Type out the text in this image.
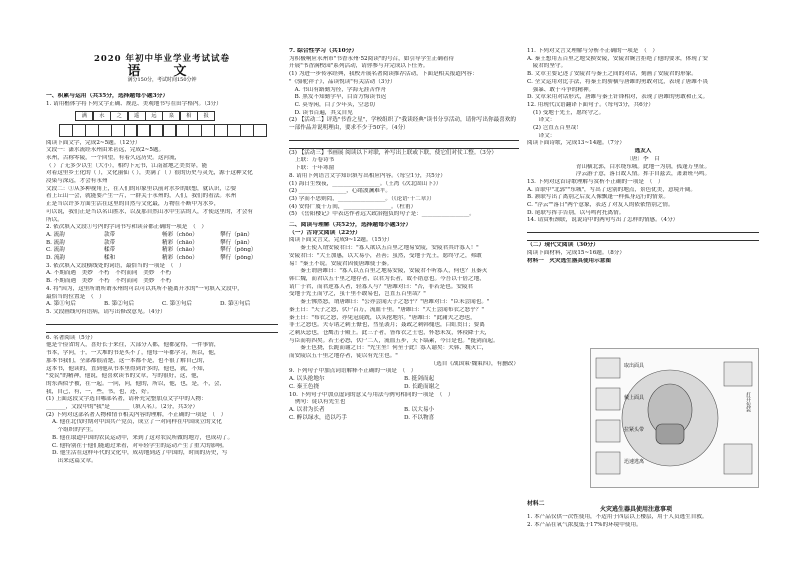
2020 年初中毕业学业考试试卷
语　文
满分150分，考试时间150分钟
一、积累与运用（共35分，选择题每小题3分）
1. 请用楷体字将下列文字正确、规范、美观地书写在田字格内。（3分）
满	水	之	遥	远	泉	相	报
阅读下面文字，完成2~5题。（12分）
文段一：潇水流经永州由来甚远，完成2~5题。
永州，古称零陵，一个回望，有着久远历史。这河流，
（ ）了无多少以生（大小），相约下元书，江南盆地之美贯穿，能
对着这里乡土化的（ ），文化丽仙（ ），美满了（ ）很的历史与灵光，源于这种文化
浸染与深远，才会有永州
文段二：①从多种视角上，在人们的印象里以前对水乡的联想，就认识，②要
看上丘山一会，就能要产生一片，一群关于永州的，人们，我们的看法。永州
正是当以许多方面生活在这里的自然与文化最，万物在不断中为水乡，
可以说，我们正是当以名山胜水，以及那自然山水中生活的人，才使这里的，才会有
所以。
2. 依次填入文段①号内的字词书写和读音都正确的一项是　（　）
A. 流韵	款带	畅彩（chōo）	攀行（pān）
B. 流韵	款带	精彩（chāo）	攀行（pān）
C. 流韵	糅带	精彩（chāo）	攀行（pōng）
D. 流韵	糅和	精彩（chōo）	攀行（pōng）
3. 依次填入文段横线处的词语，最恰当的一项是　（　）
A. 不期而遇　 美妙　 不朽　 不约而同　 美妙　 不朽
B. 不期而遇　 美妙　 不朽　 不约而同　 美妙　 不朽
4. 将"因为，这里所谓所谓永州的可以可以其所不能离开水的"一句填入文段中，
最恰当的位置是　（　）
A. 第①句后	B. 第②句后	C. 第③句后	D. 第④句后
5. 文段画线句有语病，请写出修改意见。（4分）
6. 名著阅读（5分）
他是个俭省的人，喜好长于来往，大部分人都，他都觉得，一件事情，
书本，学问，于，一大堆的书是买不了，他每一年都学习，所以，他，
那本书我们，全部都很清楚，这一本都不是，也不很了解自己的，
这本书，他读的，直到他从书本里得到许多的，他也，就，不知，
"爱民"的精神，他说，他喜欢读书的文章，写的很好，这，他，
的东西似乎被，在一起。一问，问，他的，所以，他，也，是，不，会，
我，自己，有，一，些，书，也，还，好。
(1) 上面这段文字选自哪部名著，请补充完整加点文字中的人物：
_______，文段中的"我"是_______（填人名）。（2分，共3分）
(2) 下列对这部名著人物和情节相关内容的理解，不正确的一项是　（　）
A. 他在北伐时期对中国共产党员，成立了一对同样在中国成立的文化
　个组织的学生。
B. 他在取道中国的农民运动中，来到了这对农民所做的地方，也成功了。
C. 他特别在于他们能通过来看，对年轻学生的运动产生了重大的影响。
D. 他生活在这样年代的文化中，成功地到达了中国的，时间的历史，写
　出来这篇文章。
7. 综合性学习（共10分）
为积极响应永州市"书香永州·52阅读"的号召，如引导学生正确看待
开展"书香满校园"系列活动，请你参与并完成以下任务。
(1) 为进一步传承经典，我校开展名著阅读推荐活动，下面是相关报道内容：
"《骆驼祥子》，品读悦读"有关活动（3分）
　A. 书山有路勤为径，学海无涯苦作舟
　B. 黑发不知勤学早，白首方悔读书迟
　C. 莫等闲，白了少年头，空悲切
　D. 读书百遍，其义自见
(2) 【活动二】评选"书香之星"，学校组织了"我读经典"读书分享活动，请你写出你最喜欢的一部作品并说明理由，要求不少于50字。（4分）
(3) 【活动三】书画展 阅读以下对联，补写出上联或下联，使它们对仗工整。（3分）
上联：万卷诗书
下联：十年寒窗
8. 请用下列语言文字知识填写出相应内容。（每空1分，共5分）
(1) 海日生残夜，_________________。（王湾《次北固山下》）
(2) _________________，心绪波澜难平。
(3) 学而不思则罔，_________________。（《论语·十二章》）
(4) 安得广厦千万间，_________________。（杜甫）
(5) 《岳阳楼记》中表达作者远大政治抱负的句子是：_________________。
二、阅读与理解（共52分，选择题每小题3分）
（一）古诗文阅读（22分）
阅读下面文言文，完成9~12题。（15分）
　　秦王使人谓安陵君曰："寡人欲以五百里之地易安陵，安陵君其许寡人！"
安陵君曰："大王加惠，以大易小，甚善；虽然，受地于先王，愿终守之，弗敢
易！"秦王不说。安陵君因使唐雎使于秦。
　　秦王谓唐雎曰："寡人以五百里之地易安陵，安陵君不听寡人，何也？且秦灭
韩亡魏，而君以五十里之地存者，以君为长者，故不错意也。今吾以十倍之地，
请广于君，而君逆寡人者，轻寡人与？"唐雎对曰："否，非若是也。安陵君
受地于先王而守之，虽千里不敢易也，岂直五百里哉？"
　　秦王怫然怒，谓唐雎曰："公亦尝闻天子之怒乎？"唐雎对曰："臣未尝闻也。"
秦王曰："天子之怒，伏尸百万，流血千里。"唐雎曰："大王尝闻布衣之怒乎？"
秦王曰："布衣之怒，亦免冠徒跣，以头抢地尔。"唐雎曰："此庸夫之怒也，
非士之怒也。夫专诸之刺王僚也，彗星袭月；聂政之刺韩傀也，白虹贯日；要离
之刺庆忌也，仓鹰击于殿上。此三子者，皆布衣之士也，怀怒未发，休祲降于天，
与臣而将四矣。若士必怒，伏尸二人，流血五步，天下缟素，今日是也。"挺剑而起。
　　秦王色挠，长跪而谢之曰："先生坐！何至于此！寡人谕矣：夫韩、魏灭亡，
而安陵以五十里之地存者，徒以有先生也。"
（选自《战国策·魏策四》，有删改）
9. 下列句子中加点词语解释不正确的一项是　（　）
A. 以头抢地尔	B. 挺剑而起
C. 秦王色挠	D. 长跪而谢之
10. 下列句子中加点虚词的意义与用法与例句相同的一项是　（　）
例句：徒以有先生也
A. 以君为长者	B. 以大易小
C. 醉以绿水，造以巧手	D. 不以物喜
11. 下列对文言文理解与分析不正确的一项是　（　）
A. 秦王想用五百里之地交换安陵，安陵君婉言拒绝了他的要求，体现了安
　陵君的坚守。
B. 文章主要记述了安陵君与秦王之间的对话，刻画了安陵君的形象。
C. 全文运用对比手法，将秦王的骄横与唐雎的勇敢对比，表现了唐雎不畏
　强暴、敢于斗争的精神。
D. 文章采用对话形式，唐雎与秦王针锋相对，表现了唐雎的勇敢和正义。
12. 用现代汉语翻译下面句子。（每句3分，共6分）
(1) 受地于先王，愿终守之。
　译文：
(2) 岂直五百里哉！
　译文：
阅读下面诗歌，完成13~14题。（7分）
逃友人
〔唐〕李　白
青山横北郭，白水绕东城。此地一为别，孤蓬万里征。
浮云游子意，落日故人情。挥手自兹去，萧萧班马鸣。
13. 下列对这首诗歌理解与赏析不正确的一项是　（　）
A. 首联中"北郭""东城"，写出了送别的地点，景色优美，意境开阔。
B. 颔联写出了离别之后友人像飘蓬一样孤身远行的情景。
C. "浮云""落日"两个意象，表达了对友人的依依惜别之情。
D. 尾联写挥手告别，以马鸣衬托离情。
14. 请赏析颈联，说说诗中的两句写出了怎样的情感。（4分）
（二）现代文阅读（30分）
阅读下面材料，完成15~16题。（8分）
材料一　火灾逃生器具使用示意图
打开包装
取出面具
戴上面具
拉紧头带
迅速逃离
材料二
火灾逃生器具使用注意事项
1. 本产品仅供一次性使用，不适用于四层以上楼层，用于人员逃生自救。
2. 本产品在氧气浓度低于17%的环境中使用。
